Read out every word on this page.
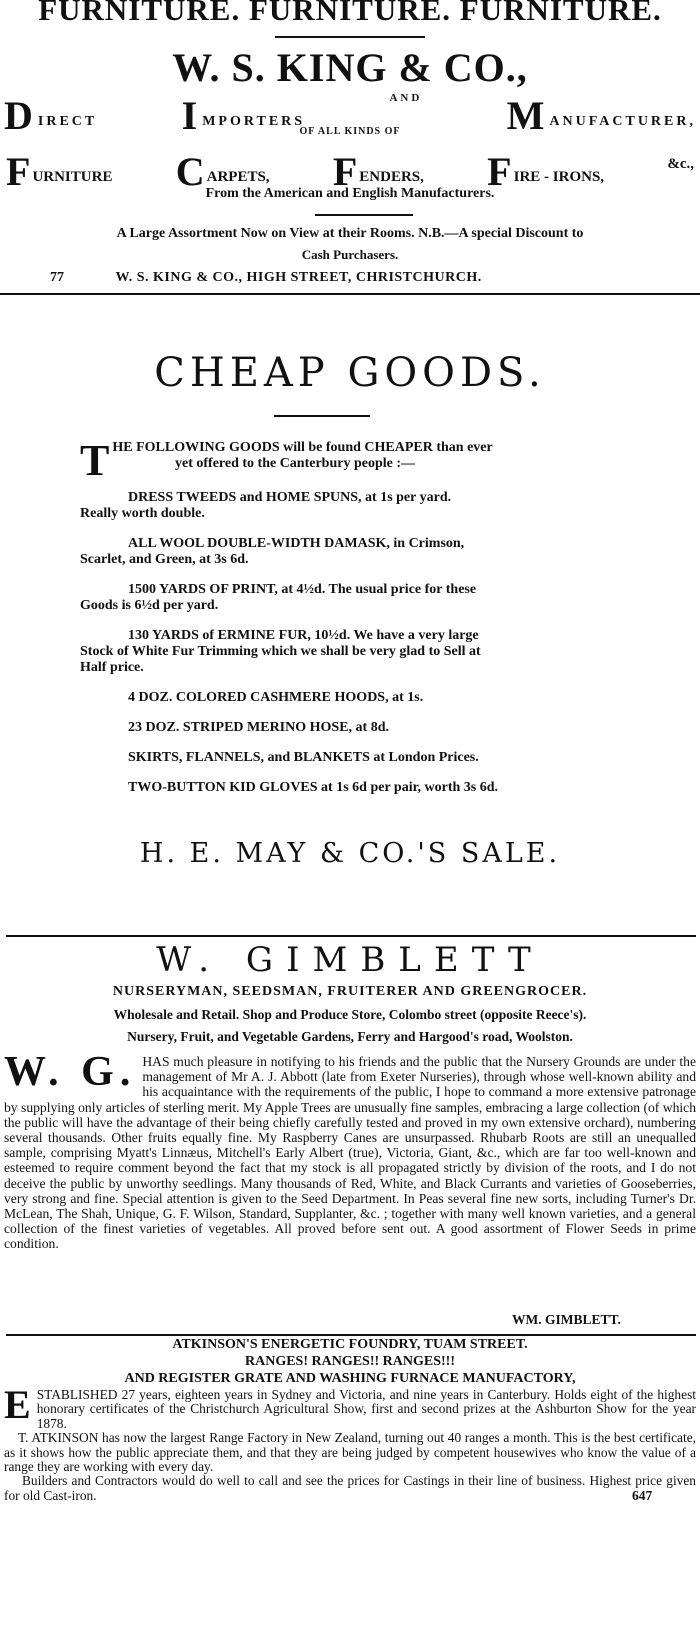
FURNITURE. FURNITURE. FURNITURE.
W. S. KING & CO.,
DIRECT IMPORTERS
AND MANUFACTURER,
OF ALL KINDS OF
FURNITURE CARPETS, FENDERS, FIRE - IRONS,
&c.,
From the American and English Manufacturers.
A Large Assortment Now on View at their Rooms. N.B.—A special Discount to
Cash Purchasers.
77	W. S. KING & CO., HIGH STREET, CHRISTCHURCH.
CHEAP GOODS.
T HE FOLLOWING GOODS will be found CHEAPER than ever
yet offered to the Canterbury people :—
DRESS TWEEDS and HOME SPUNS, at 1s per yard.
Really worth double.
ALL WOOL DOUBLE-WIDTH DAMASK, in Crimson,
Scarlet, and Green, at 3s 6d.
1500 YARDS OF PRINT, at 4½d. The usual price for these
Goods is 6½d per yard.
130 YARDS of ERMINE FUR, 10½d. We have a very large
Stock of White Fur Trimming which we shall be very glad to Sell at
Half price.
4 DOZ. COLORED CASHMERE HOODS, at 1s.
23 DOZ. STRIPED MERINO HOSE, at 8d.
SKIRTS, FLANNELS, and BLANKETS at London Prices.
TWO-BUTTON KID GLOVES at 1s 6d per pair, worth 3s 6d.
H. E. MAY & CO.'S SALE.
W. GIMBLETT
NURSERYMAN, SEEDSMAN, FRUITERER AND GREENGROCER.
Wholesale and Retail. Shop and Produce Store, Colombo street (opposite Reece's).
Nursery, Fruit, and Vegetable Gardens, Ferry and Hargood's road, Woolston.
W. G. HAS much pleasure in notifying to his friends and the public that the Nursery Grounds are under the management of Mr A. J. Abbott (late from Exeter Nurseries), through whose well-known ability and his acquaintance with the requirements of the public, I hope to command a more extensive patronage by supplying only articles of sterling merit. My Apple Trees are unusually fine samples, embracing a large collection (of which the public will have the advantage of their being chiefly carefully tested and proved in my own extensive orchard), numbering several thousands. Other fruits equally fine. My Raspberry Canes are unsurpassed. Rhubarb Roots are still an unequalled sample, comprising Myatt's Linnæus, Mitchell's Early Albert (true), Victoria, Giant, &c., which are far too well-known and esteemed to require comment beyond the fact that my stock is all propagated strictly by division of the roots, and I do not deceive the public by unworthy seedlings. Many thousands of Red, White, and Black Currants and varieties of Gooseberries, very strong and fine. Special attention is given to the Seed Department. In Peas several fine new sorts, including Turner's Dr. McLean, The Shah, Unique, G. F. Wilson, Standard, Supplanter, &c. ; together with many well known varieties, and a general collection of the finest varieties of vegetables. All proved before sent out. A good assortment of Flower Seeds in prime condition.
WM. GIMBLETT.
ATKINSON'S ENERGETIC FOUNDRY, TUAM STREET.
RANGES! RANGES!! RANGES!!!
AND REGISTER GRATE AND WASHING FURNACE MANUFACTORY,
E STABLISHED 27 years, eighteen years in Sydney and Victoria, and nine years in Canterbury. Holds eight of the highest honorary certificates of the Christchurch Agricultural Show, first and second prizes at the Ashburton Show for the year 1878.
T. ATKINSON has now the largest Range Factory in New Zealand, turning out 40 ranges a month. This is the best certificate, as it shows how the public appreciate them, and that they are being judged by competent housewives who know the value of a range they are working with every day.
Builders and Contractors would do well to call and see the prices for Castings in their line of business. Highest price given for old Cast-iron.	647
